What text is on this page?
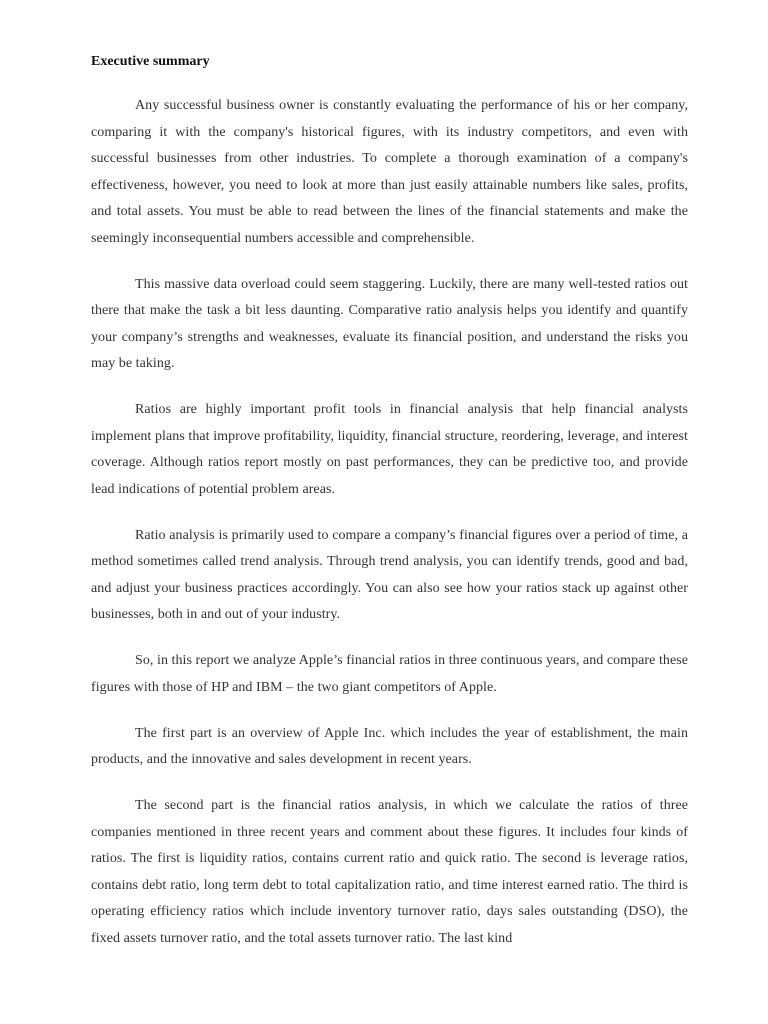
Executive summary

Any successful business owner is constantly evaluating the performance of his or her company, comparing it with the company's historical figures, with its industry competitors, and even with successful businesses from other industries. To complete a thorough examination of a company's effectiveness, however, you need to look at more than just easily attainable numbers like sales, profits, and total assets. You must be able to read between the lines of the financial statements and make the seemingly inconsequential numbers accessible and comprehensible.

This massive data overload could seem staggering. Luckily, there are many well-tested ratios out there that make the task a bit less daunting. Comparative ratio analysis helps you identify and quantify your company’s strengths and weaknesses, evaluate its financial position, and understand the risks you may be taking.

Ratios are highly important profit tools in financial analysis that help financial analysts implement plans that improve profitability, liquidity, financial structure, reordering, leverage, and interest coverage. Although ratios report mostly on past performances, they can be predictive too, and provide lead indications of potential problem areas.

Ratio analysis is primarily used to compare a company’s financial figures over a period of time, a method sometimes called trend analysis. Through trend analysis, you can identify trends, good and bad, and adjust your business practices accordingly. You can also see how your ratios stack up against other businesses, both in and out of your industry.

So, in this report we analyze Apple’s financial ratios in three continuous years, and compare these figures with those of HP and IBM – the two giant competitors of Apple.

The first part is an overview of Apple Inc. which includes the year of establishment, the main products, and the innovative and sales development in recent years.

The second part is the financial ratios analysis, in which we calculate the ratios of three companies mentioned in three recent years and comment about these figures. It includes four kinds of ratios. The first is liquidity ratios, contains current ratio and quick ratio. The second is leverage ratios, contains debt ratio, long term debt to total capitalization ratio, and time interest earned ratio. The third is operating efficiency ratios which include inventory turnover ratio, days sales outstanding (DSO), the fixed assets turnover ratio, and the total assets turnover ratio. The last kind
